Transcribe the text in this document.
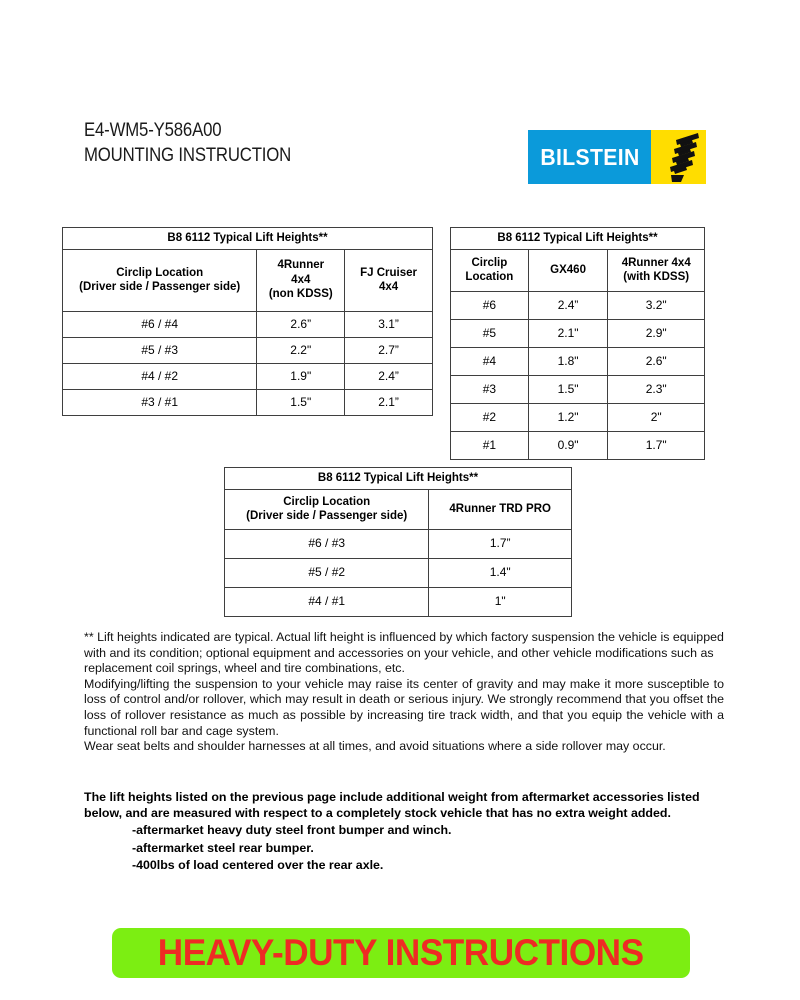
E4-WM5-Y586A00
MOUNTING INSTRUCTION	BILSTEIN
B8 6112 Typical Lift Heights**		

Circlip Location
(Driver side / Passenger side)

4Runner
4x4
(non KDSS)

FJ Cruiser
4x4

#6 / #4	2.6”	3.1”
#5 / #3	2.2"	2.7”
#4 / #2	1.9"	2.4”
#3 / #1	1.5"	2.1”
B8 6112 Typical Lift Heights**		

Circlip
Location

GX460

4Runner 4x4
(with KDSS)

#6	2.4”	3.2"
#5	2.1"	2.9"
#4	1.8"	2.6"
#3	1.5"	2.3"
#2	1.2"	2"
#1	0.9"	1.7"
B8 6112 Typical Lift Heights**	

Circlip Location
(Driver side / Passenger side)	4Runner TRD PRO

#6 / #3	1.7”
#5 / #2	1.4"
#4 / #1	1"

** Lift heights indicated are typical. Actual lift height is influenced by which factory suspension the vehicle is equipped with and its condition; optional equipment and accessories on your vehicle, and other vehicle modifications such as replacement coil springs, wheel and tire combinations, etc.

Modifying/lifting the suspension to your vehicle may raise its center of gravity and may make it more susceptible to loss of control and/or rollover, which may result in death or serious injury. We strongly recommend that you offset the loss of rollover resistance as much as possible by increasing tire track width, and that you equip the vehicle with a functional roll bar and cage system.

Wear seat belts and shoulder harnesses at all times, and avoid situations where a side rollover may occur.

The lift heights listed on the previous page include additional weight from aftermarket accessories listed below, and are measured with respect to a completely stock vehicle that has no extra weight added.

-aftermarket heavy duty steel front bumper and winch.
-aftermarket steel rear bumper.
-400lbs of load centered over the rear axle.
HEAVY-DUTY INSTRUCTIONS
